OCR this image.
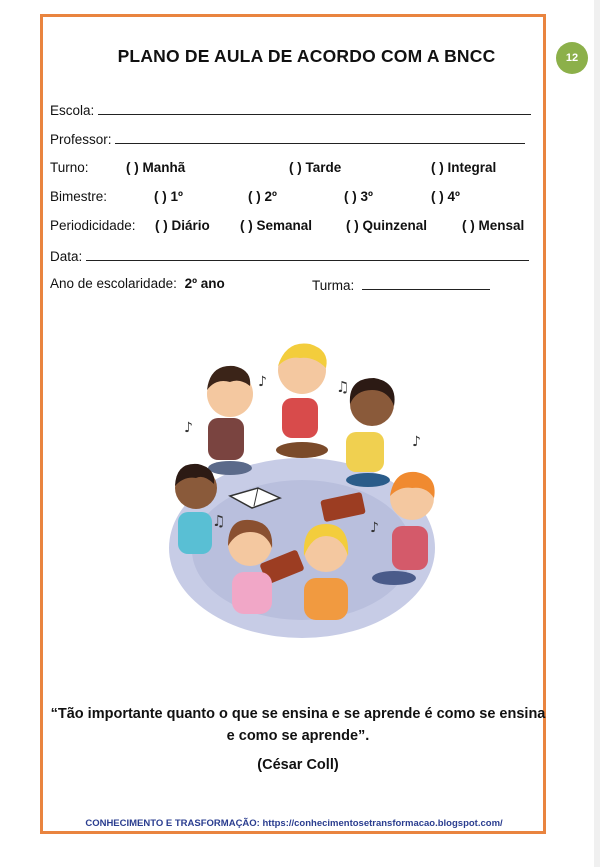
12
PLANO DE AULA DE ACORDO COM A BNCC
Escola:
Professor:
Turno:	( ) Manhã	( ) Tarde	( ) Integral
Bimestre:	( ) 1º	( ) 2º	( ) 3º	( ) 4º
Periodicidade: ( ) Diário ( ) Semanal	( ) Quinzenal	( ) Mensal
Data:
Ano de escolaridade: 2º ano	Turma:
♪	♫
♪
♪
♫	♪
“Tão importante quanto o que se ensina e se aprende é como se ensina
e como se aprende”.
(César Coll)
CONHECIMENTO E TRASFORMAÇÃO: https://conhecimentosetransformacao.blogspot.com/
